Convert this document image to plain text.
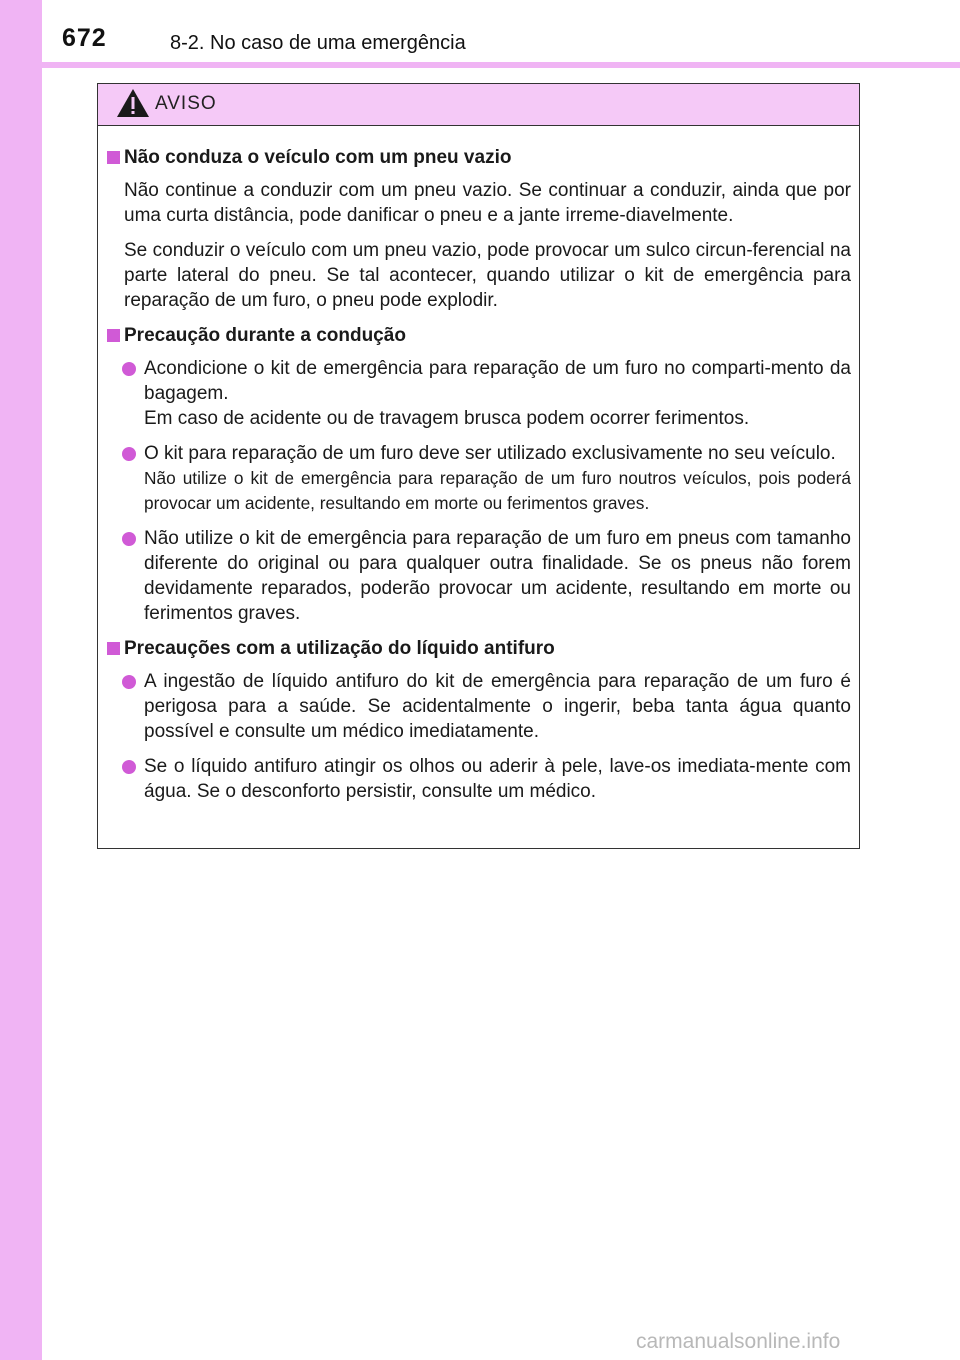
672	8-2. No caso de uma emergência
AVISO
Não conduza o veículo com um pneu vazio

Não continue a conduzir com um pneu vazio. Se continuar a conduzir, ainda que por uma curta distância, pode danificar o pneu e a jante irreme-diavelmente.

Se conduzir o veículo com um pneu vazio, pode provocar um sulco circun-ferencial na parte lateral do pneu. Se tal acontecer, quando utilizar o kit de emergência para reparação de um furo, o pneu pode explodir.

Precaução durante a condução
Acondicione o kit de emergência para reparação de um furo no comparti-mento da bagagem.
Em caso de acidente ou de travagem brusca podem ocorrer ferimentos.
O kit para reparação de um furo deve ser utilizado exclusivamente no seu veículo.
Não utilize o kit de emergência para reparação de um furo noutros veículos, pois poderá provocar um acidente, resultando em morte ou ferimentos graves.
Não utilize o kit de emergência para reparação de um furo em pneus com tamanho diferente do original ou para qualquer outra finalidade. Se os pneus não forem devidamente reparados, poderão provocar um acidente, resultando em morte ou ferimentos graves.
Precauções com a utilização do líquido antifuro
A ingestão de líquido antifuro do kit de emergência para reparação de um furo é perigosa para a saúde. Se acidentalmente o ingerir, beba tanta água quanto possível e consulte um médico imediatamente.
Se o líquido antifuro atingir os olhos ou aderir à pele, lave-os imediata-mente com água. Se o desconforto persistir, consulte um médico.
carmanualsonline.info
